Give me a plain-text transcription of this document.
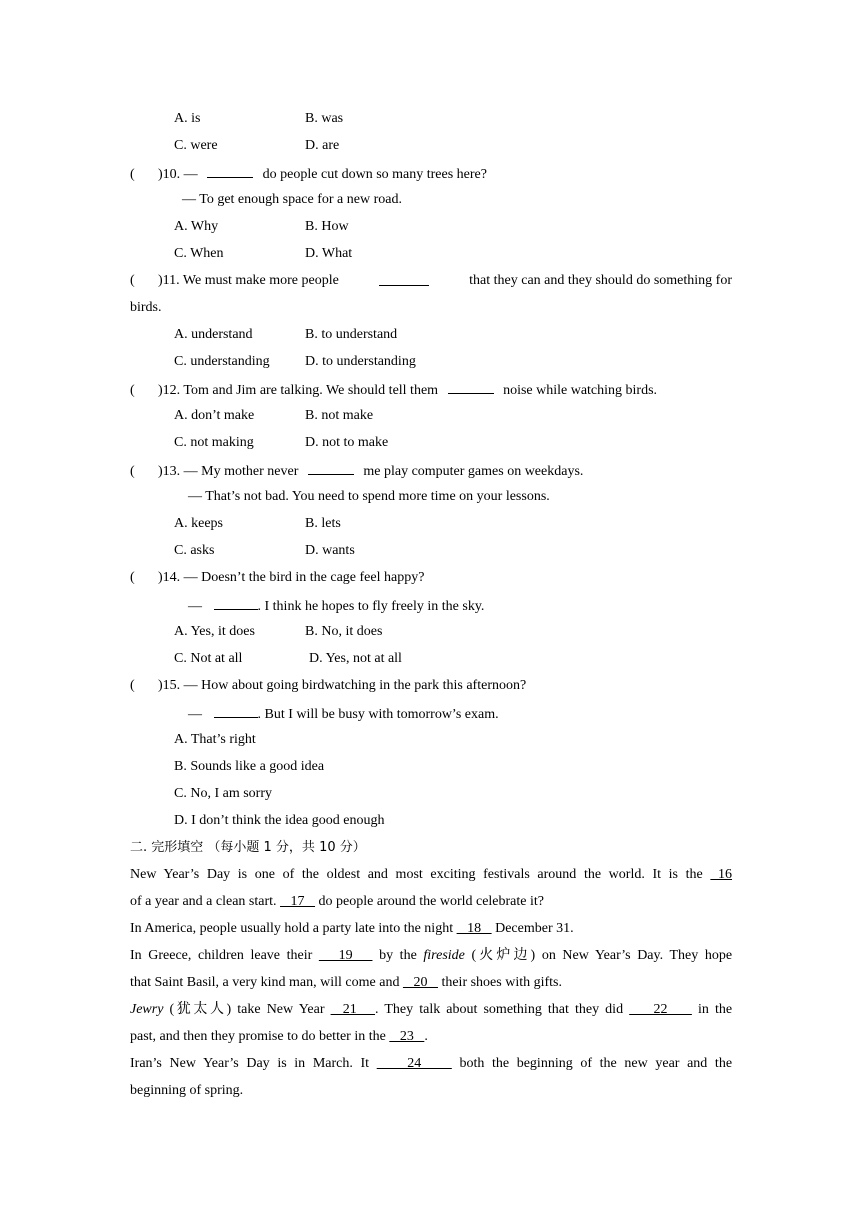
A. is	B. was
C. were	D. are
( )10. —	do people cut down so many trees here?
— To get enough space for a new road.
A. Why	B. How
C. When	D. What
( )11. We must make more people	that they can and they should do something for
birds.
A. understand	B. to understand
C. understanding	D. to understanding
( )12. Tom and Jim are talking. We should tell them	noise while watching birds.
A. don’t make	B. not make
C. not making	D. not to make
( )13. — My mother never	me play computer games on weekdays.
— That’s not bad. You need to spend more time on your lessons.
A. keeps	B. lets
C. asks	D. wants
( )14. — Doesn’t the bird in the cage feel happy?
—	. I think he hopes to fly freely in the sky.
A. Yes, it does	B. No, it does
C. Not at all	D. Yes, not at all
( )15. — How about going birdwatching in the park this afternoon?
—	. But I will be busy with tomorrow’s exam.
A. That’s right
B. Sounds like a good idea
C. No, I am sorry
D. I don’t think the idea good enough
二. 完形填空 （每小题 1 分，共 10 分）
New Year’s Day is one of the oldest and most exciting festivals around the world. It is the  16
of a year and a clean start.    17    do people around the world celebrate it?
In America, people usually hold a party late into the night    18    December 31.
In Greece, children leave their    19    by the fireside (火炉边) on New Year’s Day. They hope
that Saint Basil, a very kind man, will come and    20    their shoes with gifts.
Jewry (犹太人) take New Year   21   . They talk about something that they did     22     in the
past, and then they promise to do better in the    23   .
Iran’s New Year’s Day is in March. It     24     both the beginning of the new year and the
beginning of spring.
